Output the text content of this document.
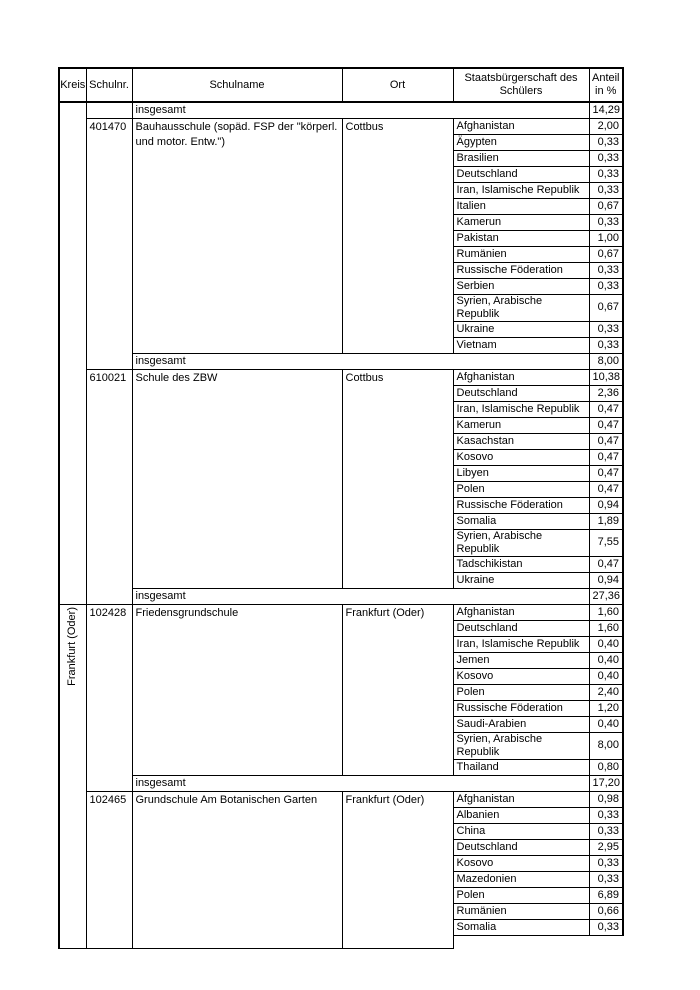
Kreis	Schulnr.	Schulname	Ort	Staatsbürgerschaft des Schülers	Anteil in %
		insgesamt			14,29
	401470	Bauhausschule (sopäd. FSP der "körperl. und motor. Entw.")	Cottbus	Afghanistan	2,00
				Ägypten	0,33
				Brasilien	0,33
				Deutschland	0,33
				Iran, Islamische Republik	0,33
				Italien	0,67
				Kamerun	0,33
				Pakistan	1,00
				Rumänien	0,67
				Russische Föderation	0,33
				Serbien	0,33
				Syrien, Arabische Republik	0,67
				Ukraine	0,33
				Vietnam	0,33
		insgesamt			8,00
	610021	Schule des ZBW	Cottbus	Afghanistan	10,38
				Deutschland	2,36
				Iran, Islamische Republik	0,47
				Kamerun	0,47
				Kasachstan	0,47
				Kosovo	0,47
				Libyen	0,47
				Polen	0,47
				Russische Föderation	0,94
				Somalia	1,89
				Syrien, Arabische Republik	7,55
				Tadschikistan	0,47
				Ukraine	0,94
		insgesamt			27,36

Frankfurt (Oder)	102428	Friedensgrundschule	Frankfurt (Oder)	Afghanistan	1,60
				Deutschland	1,60
				Iran, Islamische Republik	0,40
				Jemen	0,40
				Kosovo	0,40
				Polen	2,40
				Russische Föderation	1,20
				Saudi-Arabien	0,40
				Syrien, Arabische Republik	8,00
				Thailand	0,80
		insgesamt			17,20
	102465	Grundschule Am Botanischen Garten	Frankfurt (Oder)	Afghanistan	0,98
				Albanien	0,33
				China	0,33
				Deutschland	2,95
				Kosovo	0,33
				Mazedonien	0,33
				Polen	6,89
				Rumänien	0,66
				Somalia	0,33
